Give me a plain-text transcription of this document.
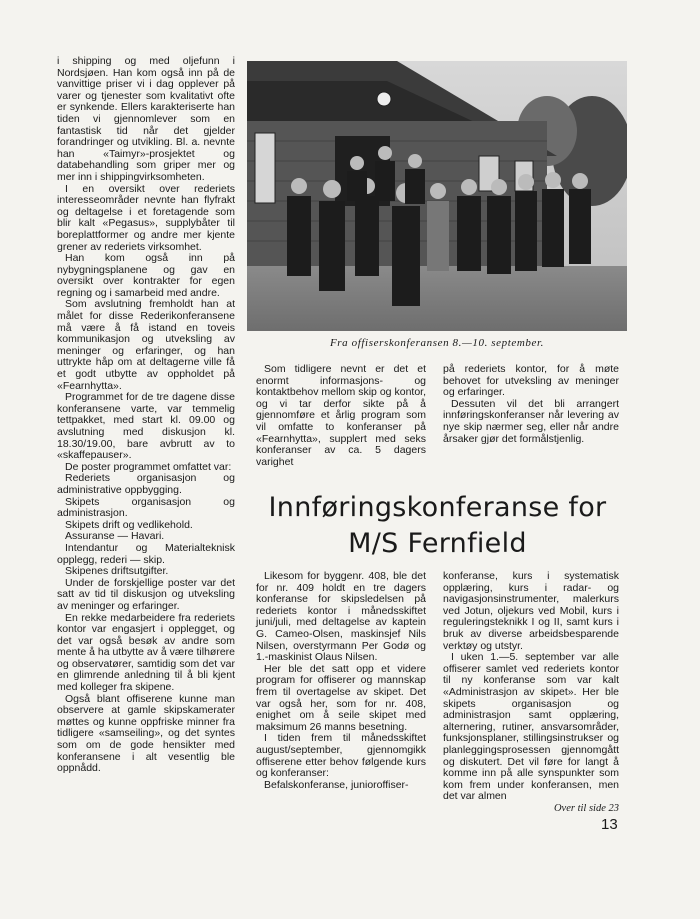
i shipping og med oljefunn i Nordsjøen. Han kom også inn på de vanvittige priser vi i dag opplever på varer og tjenester som kvalitativt ofte er synkende. Ellers karakteriserte han tiden vi gjennomlever som en fantastisk tid når det gjelder forandringer og utvikling. Bl. a. nevnte han «Taimyr»-prosjektet og databehandling som griper mer og mer inn i shippingvirksomheten.

I en oversikt over rederiets interesseområder nevnte han flyfrakt og deltagelse i et foretagende som blir kalt «Pegasus», supplybåter til boreplattformer og andre mer kjente grener av rederiets virksomhet.

Han kom også inn på nybygningsplanene og gav en oversikt over kontrakter for egen regning og i samarbeid med andre.

Som avslutning fremholdt han at målet for disse Rederikonferansene må være å få istand en toveis kommunikasjon og utveksling av meninger og erfaringer, og han uttrykte håp om at deltagerne ville få et godt utbytte av oppholdet på «Fearnhytta».

Programmet for de tre dagene disse konferansene varte, var temmelig tettpakket, med start kl. 09.00 og avslutning med diskusjon kl. 18.30/19.00, bare avbrutt av to «skaffepauser».

De poster programmet omfattet var:

Rederiets organisasjon og administrative oppbygging.

Skipets organisasjon og administrasjon.

Skipets drift og vedlikehold.

Assuranse — Havari.

Intendantur og Materialteknisk opplegg, rederi — skip.

Skipenes driftsutgifter.

Under de forskjellige poster var det satt av tid til diskusjon og utveksling av meninger og erfaringer.

En rekke medarbeidere fra rederiets kontor var engasjert i opplegget, og det var også besøk av andre som mente å ha utbytte av å være tilhørere og observatører, samtidig som det var en glimrende anledning til å bli kjent med kolleger fra skipene.

Også blant offiserene kunne man observere at gamle skipskamerater møttes og kunne oppfriske minner fra tidligere «samseiling», og det syntes som om de gode hensikter med konferansene i alt vesentlig ble oppnådd.

Fra offiserskonferansen 8.—10. september.

Som tidligere nevnt er det et enormt informasjons- og kontaktbehov mellom skip og kontor, og vi tar derfor sikte på å gjennomføre et årlig program som vil omfatte to konferanser på «Fearnhytta», supplert med seks konferanser av ca. 5 dagers varighet

på rederiets kontor, for å møte behovet for utveksling av meninger og erfaringer.

Dessuten vil det bli arrangert innføringskonferanser når levering av nye skip nærmer seg, eller når andre årsaker gjør det formålstjenlig.

Innføringskonferanse for
M/S Fernfield

Likesom for byggenr. 408, ble det for nr. 409 holdt en tre dagers konferanse for skipsledelsen på rederiets kontor i månedsskiftet juni/juli, med deltagelse av kaptein G. Cameo-Olsen, maskinsjef Nils Nilsen, overstyrmann Per Godø og 1.-maskinist Olaus Nilsen.

Her ble det satt opp et videre program for offiserer og mannskap frem til overtagelse av skipet. Det var også her, som for nr. 408, enighet om å seile skipet med maksimum 26 manns besetning.

I tiden frem til månedsskiftet august/september, gjennomgikk offiserene etter behov følgende kurs og konferanser:

Befalskonferanse, junioroffiser-

konferanse, kurs i systematisk opplæring, kurs i radar- og navigasjonsinstrumenter, malerkurs ved Jotun, oljekurs ved Mobil, kurs i reguleringsteknikk I og II, samt kurs i bruk av diverse arbeidsbesparende verktøy og utstyr.

I uken 1.—5. september var alle offiserer samlet ved rederiets kontor til ny konferanse som var kalt «Administrasjon av skipet». Her ble skipets organisasjon og administrasjon samt opplæring, alternering, rutiner, ansvarsområder, funksjonsplaner, stillingsinstrukser og planleggingsprosessen gjennomgått og diskutert. Det vil føre for langt å komme inn på alle synspunkter som kom frem under konferansen, men det var almen

Over til side 23

13
